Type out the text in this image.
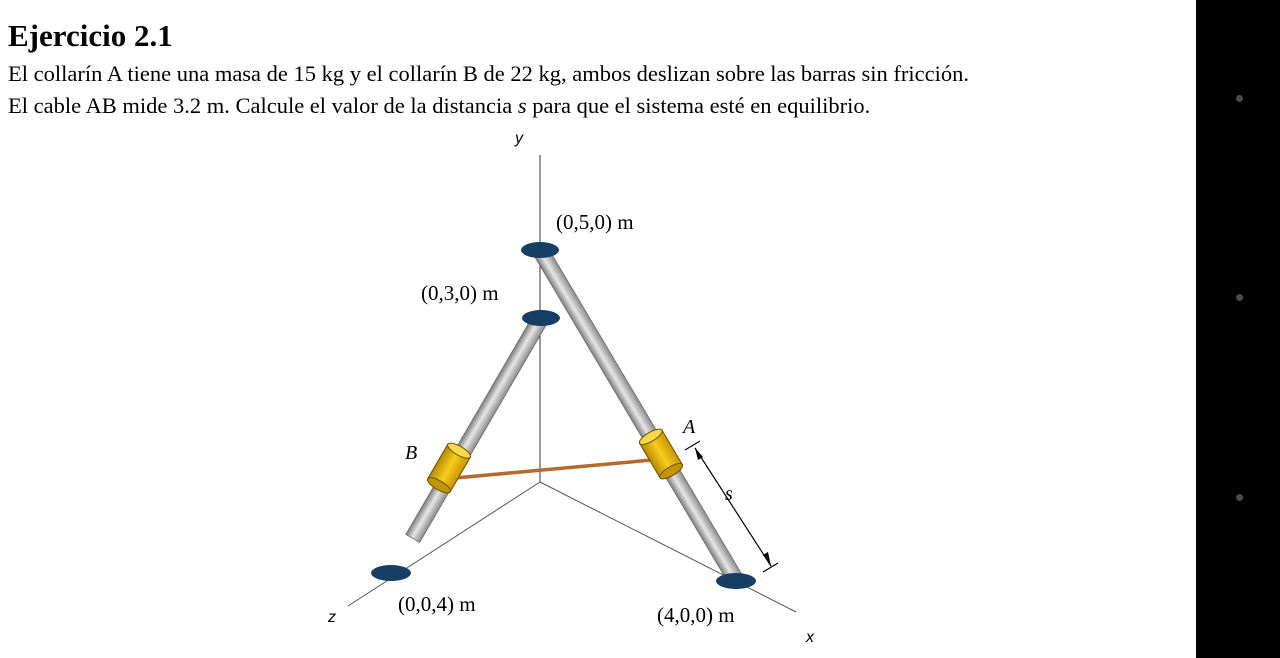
Ejercicio 2.1
El collarín A tiene una masa de 15 kg y el collarín B de 22 kg, ambos deslizan sobre las barras sin fricción.
El cable AB mide 3.2 m. Calcule el valor de la distancia s para que el sistema esté en equilibrio.
y
z
x
(0,5,0) m
(0,3,0) m
(0,0,4) m	(4,0,0) m
A
B
s
